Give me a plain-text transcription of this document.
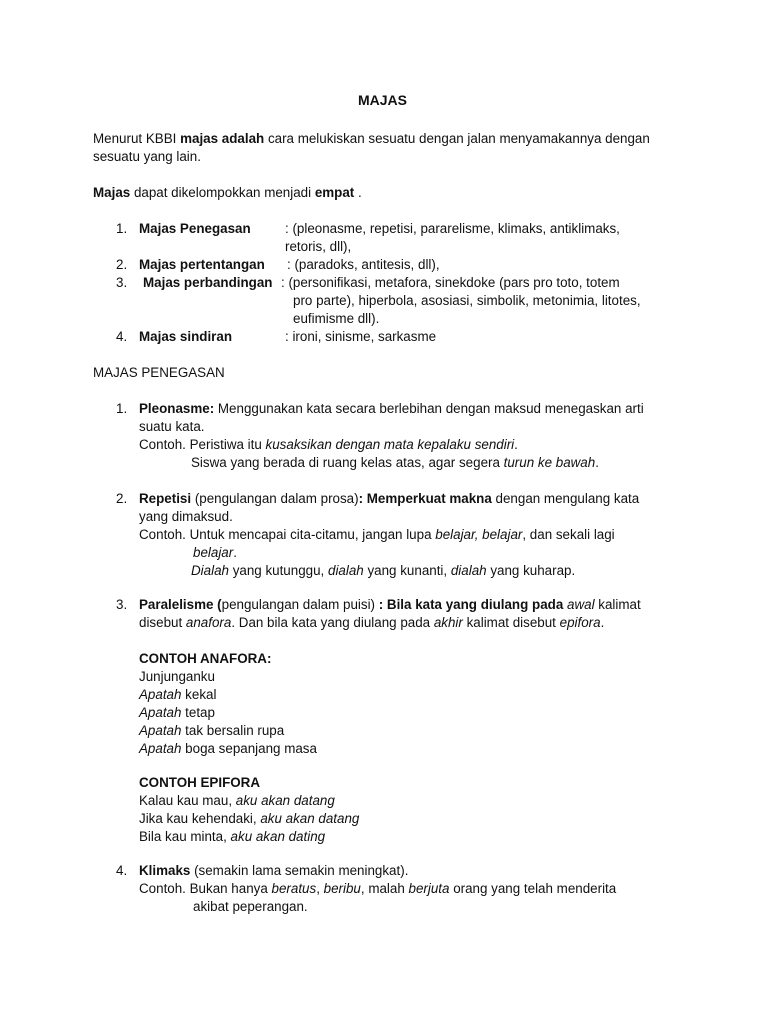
MAJAS
Menurut KBBI majas adalah cara melukiskan sesuatu dengan jalan menyamakannya dengan
sesuatu yang lain.
Majas dapat dikelompokkan menjadi empat .
1. Majas Penegasan	: (pleonasme, repetisi, pararelisme, klimaks, antiklimaks,
retoris, dll),
2. Majas pertentangan : (paradoks, antitesis, dll),
3. Majas perbandingan : (personifikasi, metafora, sinekdoke (pars pro toto, totem
pro parte), hiperbola, asosiasi, simbolik, metonimia, litotes,
eufimisme dll).
4. Majas sindiran	: ironi, sinisme, sarkasme
MAJAS PENEGASAN
1. Pleonasme: Menggunakan kata secara berlebihan dengan maksud menegaskan arti
suatu kata.
Contoh. Peristiwa itu kusaksikan dengan mata kepalaku sendiri.
Siswa yang berada di ruang kelas atas, agar segera turun ke bawah.
2. Repetisi (pengulangan dalam prosa): Memperkuat makna dengan mengulang kata
yang dimaksud.
Contoh. Untuk mencapai cita-citamu, jangan lupa belajar, belajar, dan sekali lagi
belajar.
Dialah yang kutunggu, dialah yang kunanti, dialah yang kuharap.
3. Paralelisme (pengulangan dalam puisi) : Bila kata yang diulang pada awal kalimat
disebut anafora. Dan bila kata yang diulang pada akhir kalimat disebut epifora.
CONTOH ANAFORA:
Junjunganku
Apatah kekal
Apatah tetap
Apatah tak bersalin rupa
Apatah boga sepanjang masa
CONTOH EPIFORA
Kalau kau mau, aku akan datang
Jika kau kehendaki, aku akan datang
Bila kau minta, aku akan dating
4. Klimaks (semakin lama semakin meningkat).
Contoh. Bukan hanya beratus, beribu, malah berjuta orang yang telah menderita
akibat peperangan.
